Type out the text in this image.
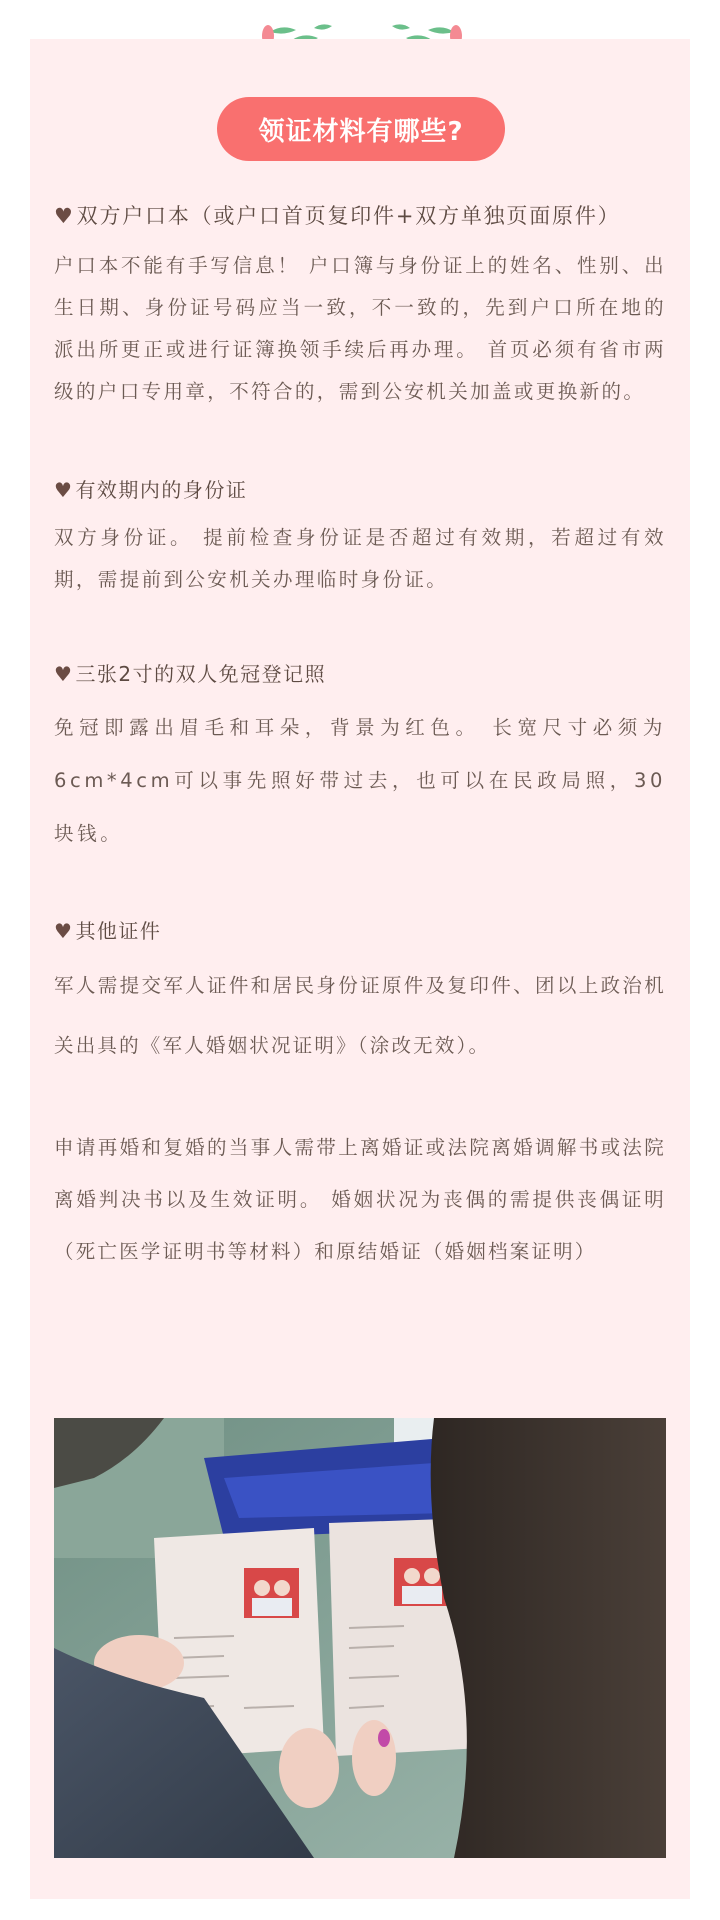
领证材料有哪些?
♥双方户口本（或户口首页复印件+双方单独页面原件）
户口本不能有手写信息！ 户口簿与身份证上的姓名、性别、出生日期、身份证号码应当一致，不一致的，先到户口所在地的派出所更正或进行证簿换领手续后再办理。 首页必须有省市两级的户口专用章，不符合的，需到公安机关加盖或更换新的。
♥ 有效期内的身份证
双方身份证。 提前检查身份证是否超过有效期，若超过有效期，需提前到公安机关办理临时身份证。
♥ 三张2寸的双人免冠登记照
免冠即露出眉毛和耳朵，背景为红色。 长宽尺寸必须为6cm*4cm可以事先照好带过去，也可以在民政局照，30块钱。
♥ 其他证件
军人需提交军人证件和居民身份证原件及复印件、团以上政治机关出具的《军人婚姻状况证明》（涂改无效）。
申请再婚和复婚的当事人需带上离婚证或法院离婚调解书或法院离婚判决书以及生效证明。 婚姻状况为丧偶的需提供丧偶证明（死亡医学证明书等材料）和原结婚证（婚姻档案证明）
